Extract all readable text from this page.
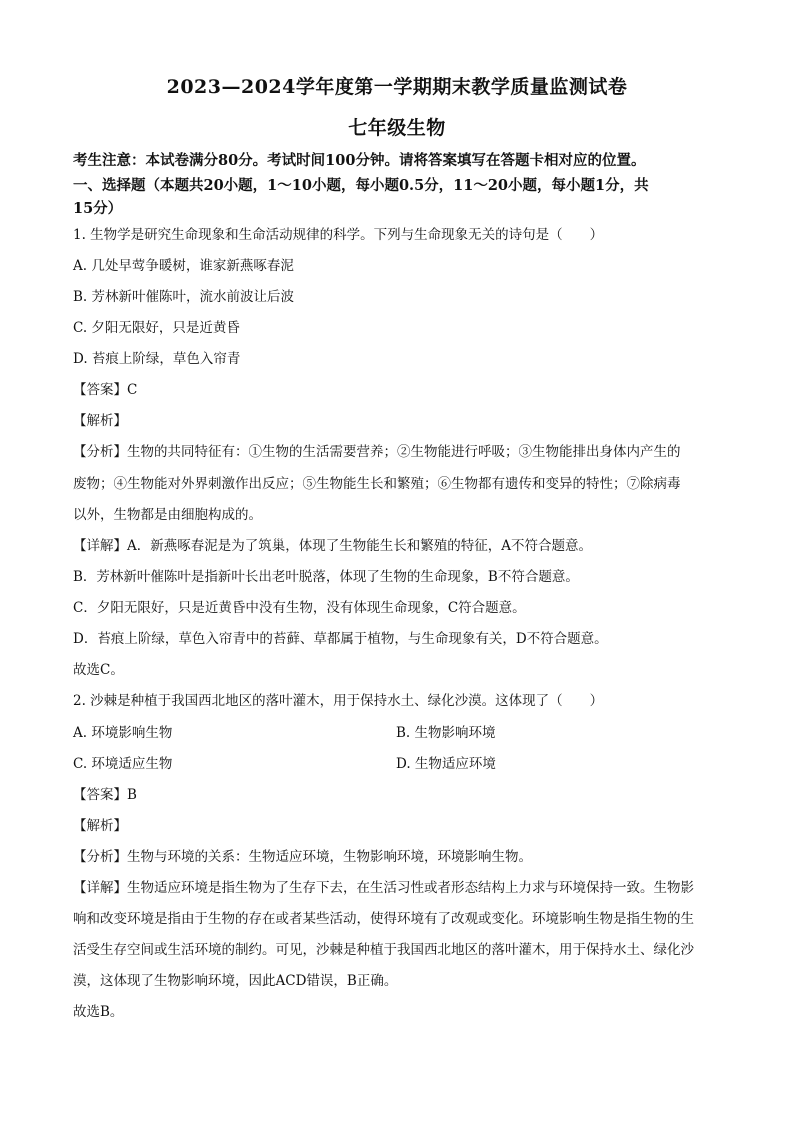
2023—2024学年度第一学期期末教学质量监测试卷
七年级生物
考生注意：本试卷满分80分。考试时间100分钟。请将答案填写在答题卡相对应的位置。
一、选择题（本题共20小题，1～10小题，每小题0.5分，11～20小题，每小题1分，共
15分）
1. 生物学是研究生命现象和生命活动规律的科学。下列与生命现象无关的诗句是（　　）
A. 几处早莺争暖树，谁家新燕啄春泥
B. 芳林新叶催陈叶，流水前波让后波
C. 夕阳无限好，只是近黄昏
D. 苔痕上阶绿，草色入帘青
【答案】C
【解析】
【分析】生物的共同特征有：①生物的生活需要营养；②生物能进行呼吸；③生物能排出身体内产生的
废物；④生物能对外界刺激作出反应；⑤生物能生长和繁殖；⑥生物都有遗传和变异的特性；⑦除病毒
以外，生物都是由细胞构成的。
【详解】A．新燕啄春泥是为了筑巢，体现了生物能生长和繁殖的特征，A不符合题意。
B．芳林新叶催陈叶是指新叶长出老叶脱落，体现了生物的生命现象，B不符合题意。
C．夕阳无限好，只是近黄昏中没有生物，没有体现生命现象，C符合题意。
D．苔痕上阶绿，草色入帘青中的苔藓、草都属于植物，与生命现象有关，D不符合题意。
故选C。
2. 沙棘是种植于我国西北地区的落叶灌木，用于保持水土、绿化沙漠。这体现了（　　）
A. 环境影响生物	B. 生物影响环境
C. 环境适应生物	D. 生物适应环境
【答案】B
【解析】
【分析】生物与环境的关系：生物适应环境，生物影响环境，环境影响生物。
【详解】生物适应环境是指生物为了生存下去，在生活习性或者形态结构上力求与环境保持一致。生物影
响和改变环境是指由于生物的存在或者某些活动，使得环境有了改观或变化。环境影响生物是指生物的生
活受生存空间或生活环境的制约。可见，沙棘是种植于我国西北地区的落叶灌木，用于保持水土、绿化沙
漠，这体现了生物影响环境，因此ACD错误，B正确。
故选B。
